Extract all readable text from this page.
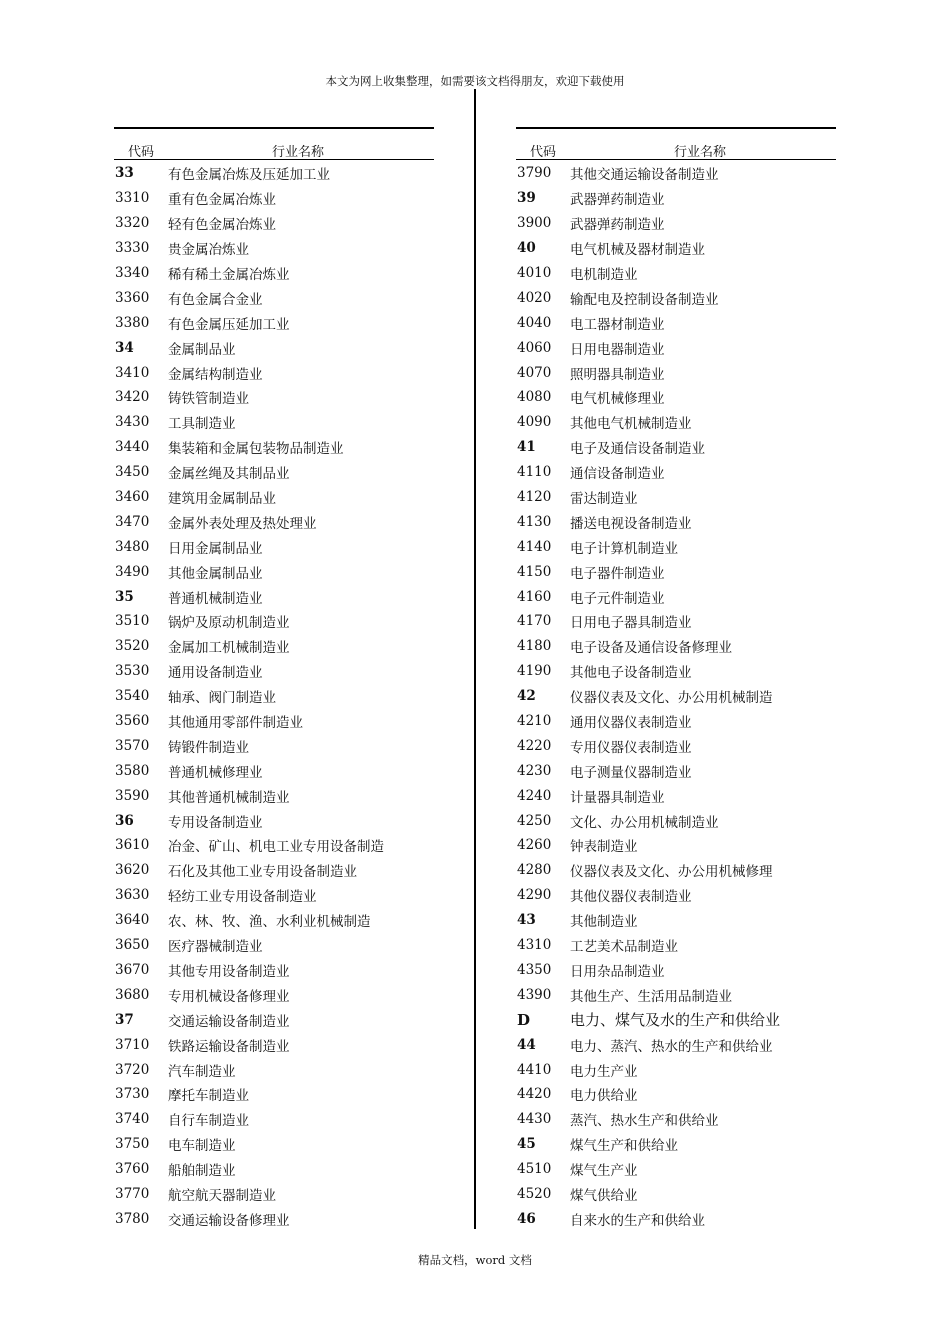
本文为网上收集整理，如需要该文档得朋友，欢迎下载使用
代码	行业名称
33	有色金属冶炼及压延加工业
3310	重有色金属冶炼业
3320	轻有色金属冶炼业
3330	贵金属冶炼业
3340	稀有稀土金属冶炼业
3360	有色金属合金业
3380	有色金属压延加工业
34	金属制品业
3410	金属结构制造业
3420	铸铁管制造业
3430	工具制造业
3440	集装箱和金属包装物品制造业
3450	金属丝绳及其制品业
3460	建筑用金属制品业
3470	金属外表处理及热处理业
3480	日用金属制品业
3490	其他金属制品业
35	普通机械制造业
3510	锅炉及原动机制造业
3520	金属加工机械制造业
3530	通用设备制造业
3540	轴承、阀门制造业
3560	其他通用零部件制造业
3570	铸锻件制造业
3580	普通机械修理业
3590	其他普通机械制造业
36	专用设备制造业
3610	冶金、矿山、机电工业专用设备制造
3620	石化及其他工业专用设备制造业
3630	轻纺工业专用设备制造业
3640	农、林、牧、渔、水利业机械制造
3650	医疗器械制造业
3670	其他专用设备制造业
3680	专用机械设备修理业
37	交通运输设备制造业
3710	铁路运输设备制造业
3720	汽车制造业
3730	摩托车制造业
3740	自行车制造业
3750	电车制造业
3760	船舶制造业
3770	航空航天器制造业
3780	交通运输设备修理业
代码	行业名称
3790	其他交通运输设备制造业
39	武器弹药制造业
3900	武器弹药制造业
40	电气机械及器材制造业
4010	电机制造业
4020	输配电及控制设备制造业
4040	电工器材制造业
4060	日用电器制造业
4070	照明器具制造业
4080	电气机械修理业
4090	其他电气机械制造业
41	电子及通信设备制造业
4110	通信设备制造业
4120	雷达制造业
4130	播送电视设备制造业
4140	电子计算机制造业
4150	电子器件制造业
4160	电子元件制造业
4170	日用电子器具制造业
4180	电子设备及通信设备修理业
4190	其他电子设备制造业
42	仪器仪表及文化、办公用机械制造
4210	通用仪器仪表制造业
4220	专用仪器仪表制造业
4230	电子测量仪器制造业
4240	计量器具制造业
4250	文化、办公用机械制造业
4260	钟表制造业
4280	仪器仪表及文化、办公用机械修理
4290	其他仪器仪表制造业
43	其他制造业
4310	工艺美术品制造业
4350	日用杂品制造业
4390	其他生产、生活用品制造业
D	电力、煤气及水的生产和供给业
44	电力、蒸汽、热水的生产和供给业
4410	电力生产业
4420	电力供给业
4430	蒸汽、热水生产和供给业
45	煤气生产和供给业
4510	煤气生产业
4520	煤气供给业
46	自来水的生产和供给业
精品文档，word 文档
